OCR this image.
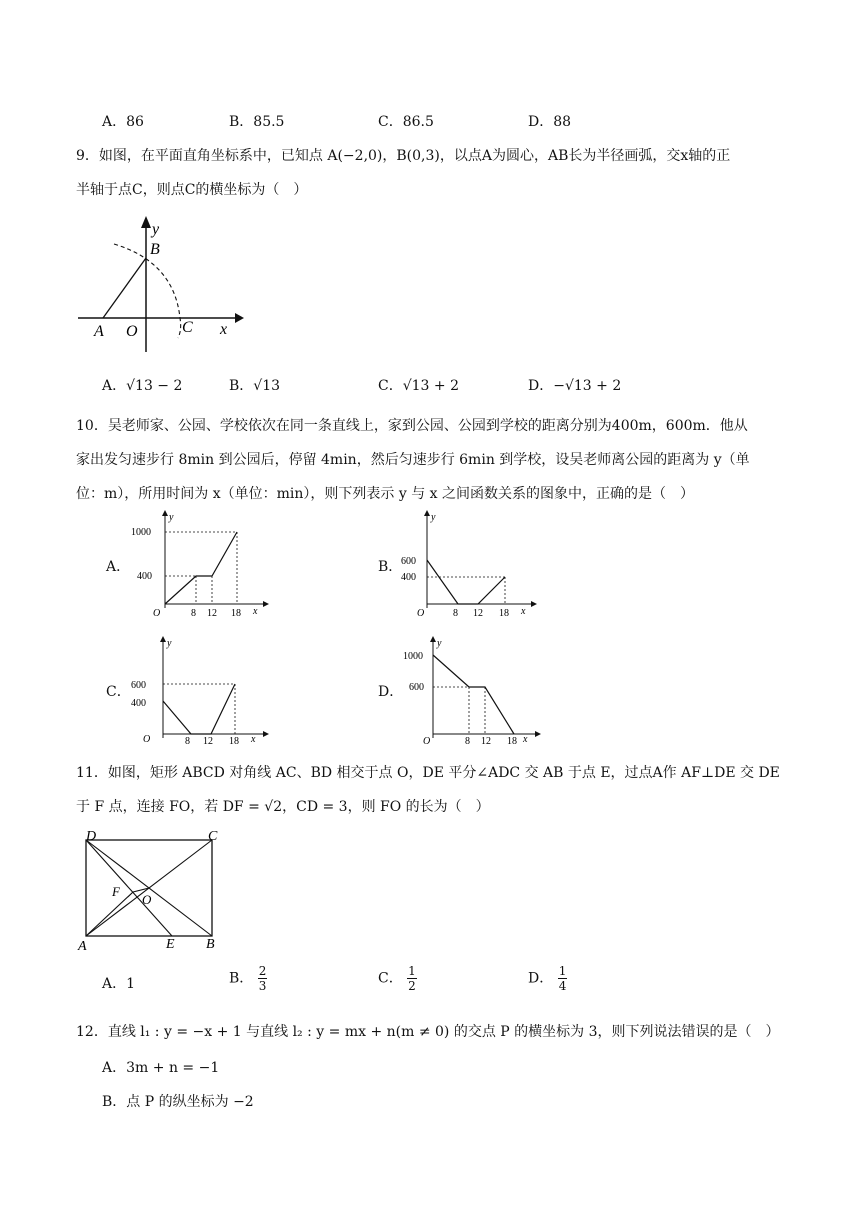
A．86	B．85.5	C．86.5	D．88
9．如图，在平面直角坐标系中，已知点 A(−2,0)，B(0,3)，以点A为圆心，AB长为半径画弧，交x轴的正
半轴于点C，则点C的横坐标为（　）
y
B
A O	C x
A．√13 − 2	B．√13	C．√13 + 2	D．−√13 + 2
10．吴老师家、公园、学校依次在同一条直线上，家到公园、公园到学校的距离分别为400m，600m．他从
家出发匀速步行 8min 到公园后，停留 4min，然后匀速步行 6min 到学校，设吴老师离公园的距离为 y（单
位：m），所用时间为 x（单位：min），则下列表示 y 与 x 之间函数关系的图象中，正确的是（　）
A．	B．
C．	D．
y
x
O
1000
400
8 12 18
y
x
O
600
400
8 12 18
y
x
O
600
400
8 12 18
y
x
O
1000
600
8 12 18
11．如图，矩形 ABCD 对角线 AC、BD 相交于点 O，DE 平分∠ADC 交 AB 于点 E，过点A作 AF⊥DE 交 DE
于 F 点，连接 FO，若 DF = √2，CD = 3，则 FO 的长为（　）
D	C
F
O
A	E B
A．1	B． $\frac{2}{3}$	C． $\frac{1}{2}$	D． $\frac{1}{4}$
12．直线 l₁ : y = −x + 1 与直线 l₂ : y = mx + n(m ≠ 0) 的交点 P 的横坐标为 3，则下列说法错误的是（　）
A．3m + n = −1
B．点 P 的纵坐标为 −2
